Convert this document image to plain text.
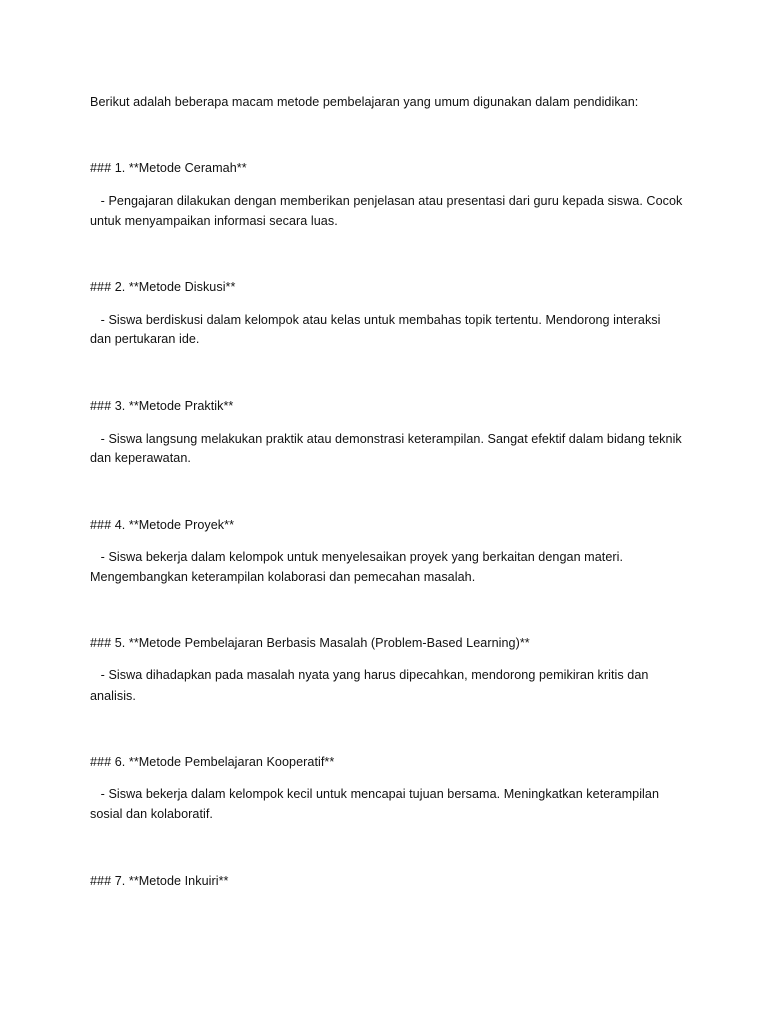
Berikut adalah beberapa macam metode pembelajaran yang umum digunakan dalam pendidikan:
### 1. **Metode Ceramah**
- Pengajaran dilakukan dengan memberikan penjelasan atau presentasi dari guru kepada siswa. Cocok
untuk menyampaikan informasi secara luas.
### 2. **Metode Diskusi**
- Siswa berdiskusi dalam kelompok atau kelas untuk membahas topik tertentu. Mendorong interaksi
dan pertukaran ide.
### 3. **Metode Praktik**
- Siswa langsung melakukan praktik atau demonstrasi keterampilan. Sangat efektif dalam bidang teknik
dan keperawatan.
### 4. **Metode Proyek**
- Siswa bekerja dalam kelompok untuk menyelesaikan proyek yang berkaitan dengan materi.
Mengembangkan keterampilan kolaborasi dan pemecahan masalah.
### 5. **Metode Pembelajaran Berbasis Masalah (Problem-Based Learning)**
- Siswa dihadapkan pada masalah nyata yang harus dipecahkan, mendorong pemikiran kritis dan
analisis.
### 6. **Metode Pembelajaran Kooperatif**
- Siswa bekerja dalam kelompok kecil untuk mencapai tujuan bersama. Meningkatkan keterampilan
sosial dan kolaboratif.
### 7. **Metode Inkuiri**
